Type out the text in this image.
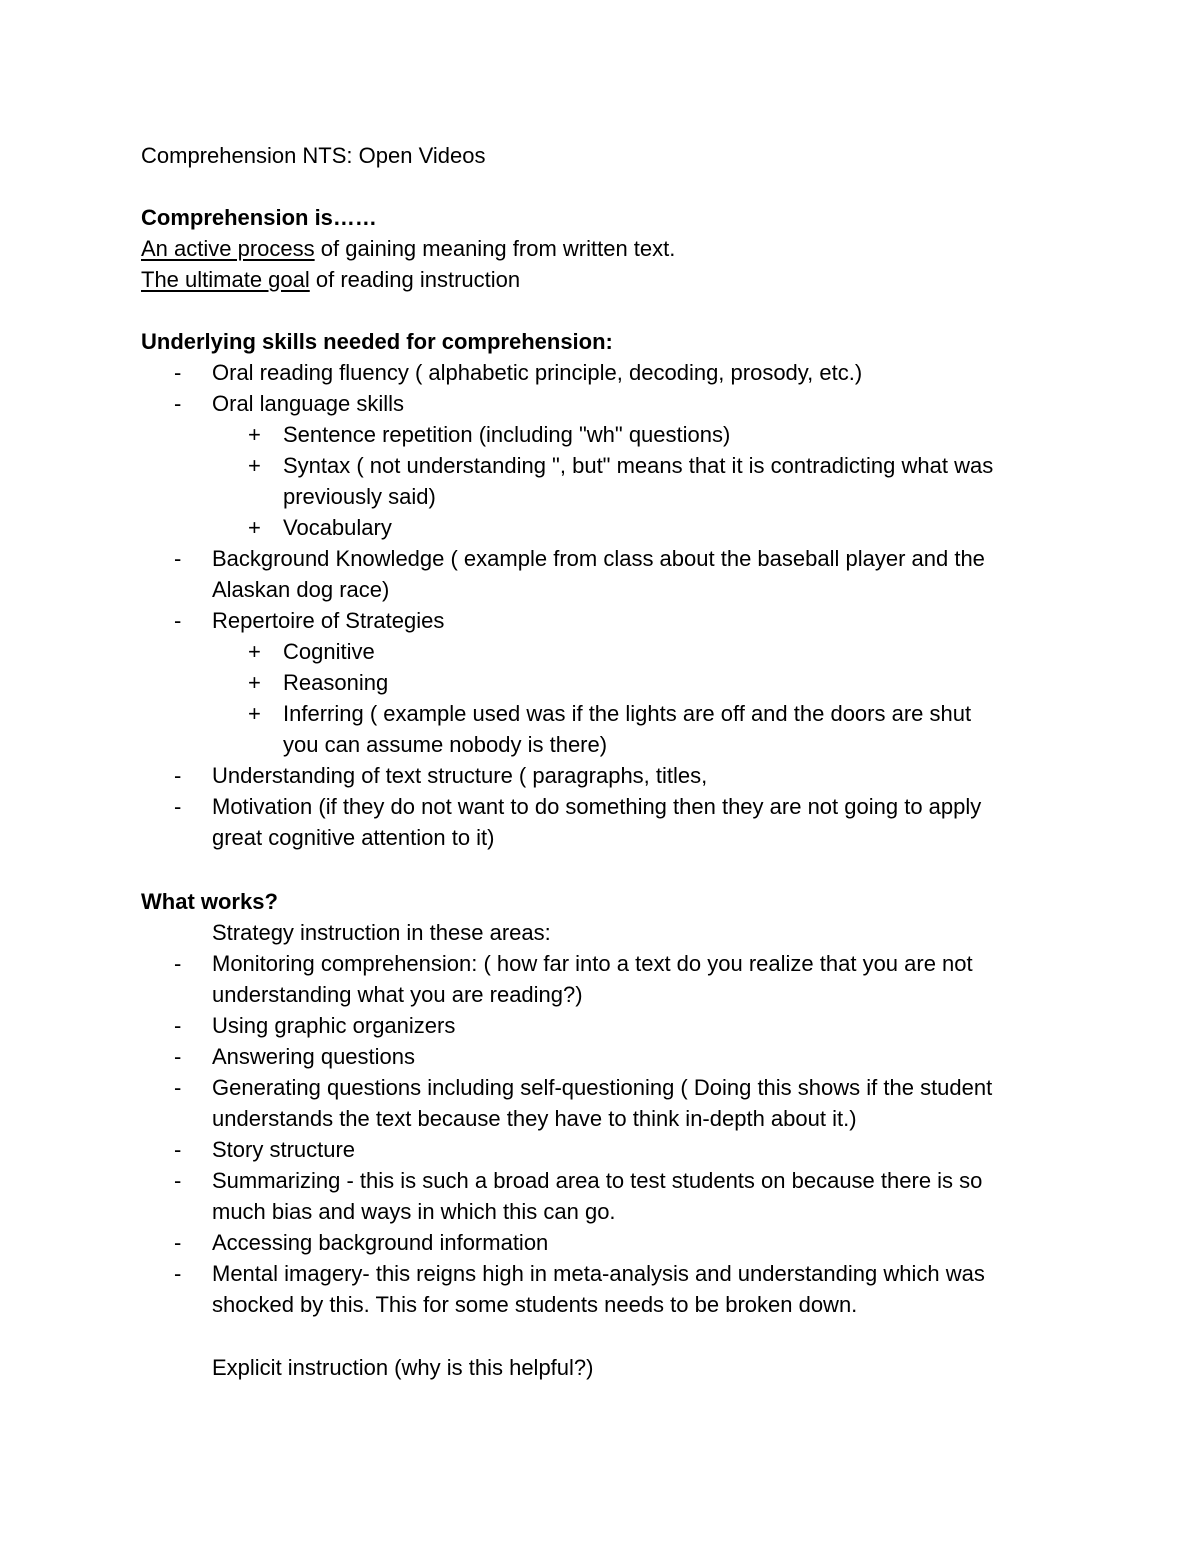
Comprehension NTS: Open Videos
Comprehension is……
An active process of gaining meaning from written text.
The ultimate goal of reading instruction
Underlying skills needed for comprehension:
- Oral reading fluency ( alphabetic principle, decoding, prosody, etc.)
- Oral language skills
+ Sentence repetition (including "wh" questions)
+ Syntax ( not understanding ", but" means that it is contradicting what was
previously said)
+ Vocabulary
- Background Knowledge ( example from class about the baseball player and the
Alaskan dog race)
- Repertoire of Strategies
+ Cognitive
+ Reasoning
+ Inferring ( example used was if the lights are off and the doors are shut
you can assume nobody is there)
- Understanding of text structure ( paragraphs, titles,
- Motivation (if they do not want to do something then they are not going to apply
great cognitive attention to it)
What works?
Strategy instruction in these areas:
- Monitoring comprehension: ( how far into a text do you realize that you are not
understanding what you are reading?)
- Using graphic organizers
- Answering questions
- Generating questions including self-questioning ( Doing this shows if the student
understands the text because they have to think in-depth about it.)
- Story structure
- Summarizing - this is such a broad area to test students on because there is so
much bias and ways in which this can go.
- Accessing background information
- Mental imagery- this reigns high in meta-analysis and understanding which was
shocked by this. This for some students needs to be broken down.
Explicit instruction (why is this helpful?)
